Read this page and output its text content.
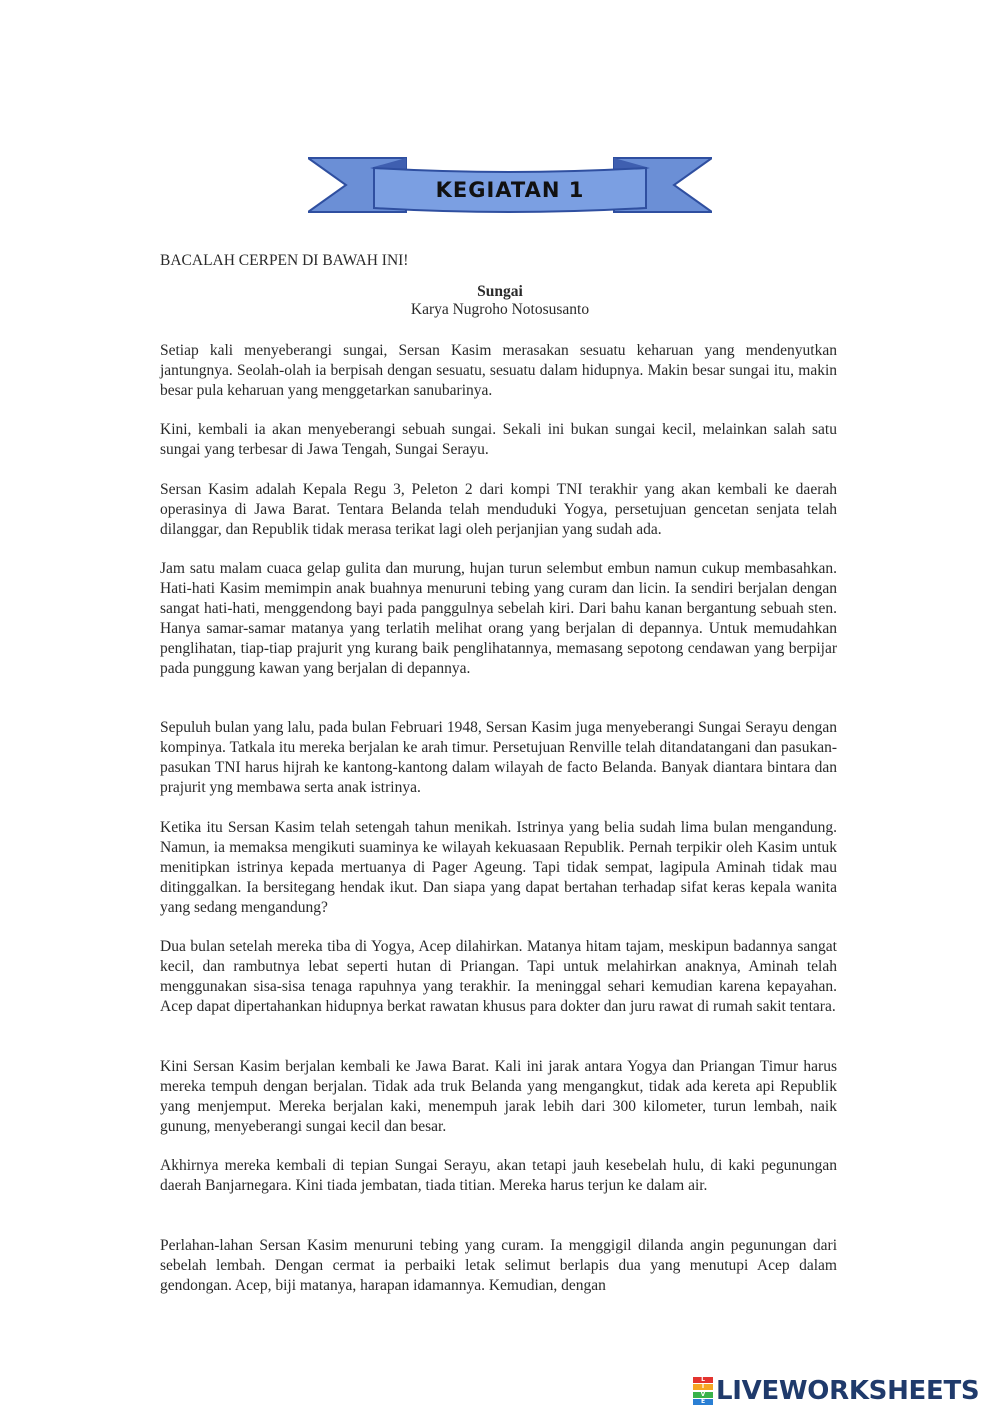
KEGIATAN 1
BACALAH CERPEN DI BAWAH INI!
Sungai
Karya Nugroho Notosusanto

Setiap kali menyeberangi sungai, Sersan Kasim merasakan sesuatu keharuan yang mendenyutkan jantungnya. Seolah-olah ia berpisah dengan sesuatu, sesuatu dalam hidupnya. Makin besar sungai itu, makin besar pula keharuan yang menggetarkan sanubarinya.

Kini, kembali ia akan menyeberangi sebuah sungai. Sekali ini bukan sungai kecil, melainkan salah satu sungai yang terbesar di Jawa Tengah, Sungai Serayu.

Sersan Kasim adalah Kepala Regu 3, Peleton 2 dari kompi TNI terakhir yang akan kembali ke daerah operasinya di Jawa Barat. Tentara Belanda telah menduduki Yogya, persetujuan gencetan senjata telah dilanggar, dan Republik tidak merasa terikat lagi oleh perjanjian yang sudah ada.

Jam satu malam cuaca gelap gulita dan murung, hujan turun selembut embun namun cukup membasahkan. Hati-hati Kasim memimpin anak buahnya menuruni tebing yang curam dan licin. Ia sendiri berjalan dengan sangat hati-hati, menggendong bayi pada panggulnya sebelah kiri. Dari bahu kanan bergantung sebuah sten. Hanya samar-samar matanya yang terlatih melihat orang yang berjalan di depannya. Untuk memudahkan penglihatan, tiap-tiap prajurit yng kurang baik penglihatannya, memasang sepotong cendawan yang berpijar pada punggung kawan yang berjalan di depannya.

Sepuluh bulan yang lalu, pada bulan Februari 1948, Sersan Kasim juga menyeberangi Sungai Serayu dengan kompinya. Tatkala itu mereka berjalan ke arah timur. Persetujuan Renville telah ditandatangani dan pasukan-pasukan TNI harus hijrah ke kantong-kantong dalam wilayah de facto Belanda. Banyak diantara bintara dan prajurit yng membawa serta anak istrinya.

Ketika itu Sersan Kasim telah setengah tahun menikah. Istrinya yang belia sudah lima bulan mengandung. Namun, ia memaksa mengikuti suaminya ke wilayah kekuasaan Republik. Pernah terpikir oleh Kasim untuk menitipkan istrinya kepada mertuanya di Pager Ageung. Tapi tidak sempat, lagipula Aminah tidak mau ditinggalkan. Ia bersitegang hendak ikut. Dan siapa yang dapat bertahan terhadap sifat keras kepala wanita yang sedang mengandung?

Dua bulan setelah mereka tiba di Yogya, Acep dilahirkan. Matanya hitam tajam, meskipun badannya sangat kecil, dan rambutnya lebat seperti hutan di Priangan. Tapi untuk melahirkan anaknya, Aminah telah menggunakan sisa-sisa tenaga rapuhnya yang terakhir. Ia meninggal sehari kemudian karena kepayahan. Acep dapat dipertahankan hidupnya berkat rawatan khusus para dokter dan juru rawat di rumah sakit tentara.

Kini Sersan Kasim berjalan kembali ke Jawa Barat. Kali ini jarak antara Yogya dan Priangan Timur harus mereka tempuh dengan berjalan. Tidak ada truk Belanda yang mengangkut, tidak ada kereta api Republik yang menjemput. Mereka berjalan kaki, menempuh jarak lebih dari 300 kilometer, turun lembah, naik gunung, menyeberangi sungai kecil dan besar.

Akhirnya mereka kembali di tepian Sungai Serayu, akan tetapi jauh kesebelah hulu, di kaki pegunungan daerah Banjarnegara. Kini tiada jembatan, tiada titian. Mereka harus terjun ke dalam air.

Perlahan-lahan Sersan Kasim menuruni tebing yang curam. Ia menggigil dilanda angin pegunungan dari sebelah lembah. Dengan cermat ia perbaiki letak selimut berlapis dua yang menutupi Acep dalam gendongan. Acep, biji matanya, harapan idamannya. Kemudian, dengan

L
I
V
E LIVEWORKSHEETS
